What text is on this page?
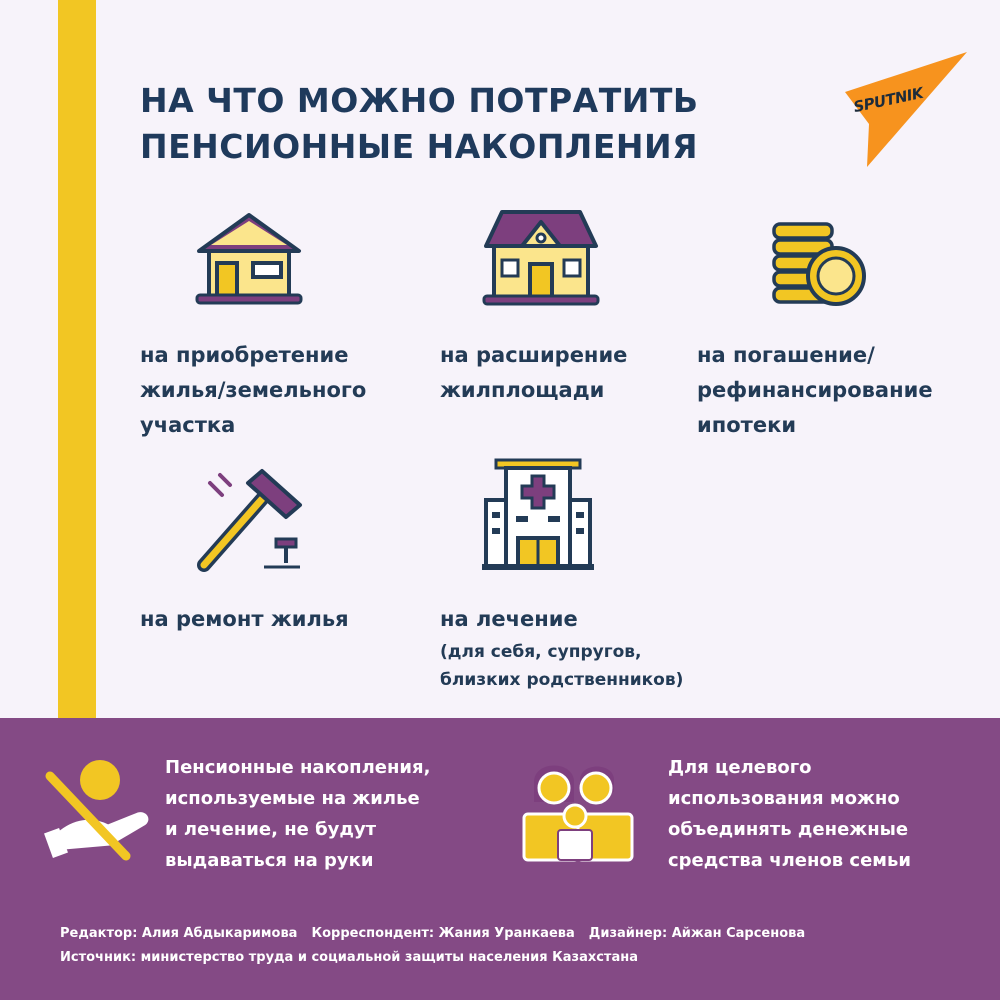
НА ЧТО МОЖНО ПОТРАТИТЬ
ПЕНСИОННЫЕ НАКОПЛЕНИЯ
SPUTNIK
на приобретение
жилья/земельного
участка
на расширение
жилплощади
на погашение/
рефинансирование
ипотеки
на ремонт жилья	на лечение
(для себя, супругов,
близких родственников)
Пенсионные накопления,
используемые на жилье
и лечение, не будут
выдаваться на руки
Для целевого
использования можно
объединять денежные
средства членов семьи
Редактор: Алия Абдыкаримова Корреспондент: Жания Уранкаева Дизайнер: Айжан Сарсенова
Источник: министерство труда и социальной защиты населения Казахстана
